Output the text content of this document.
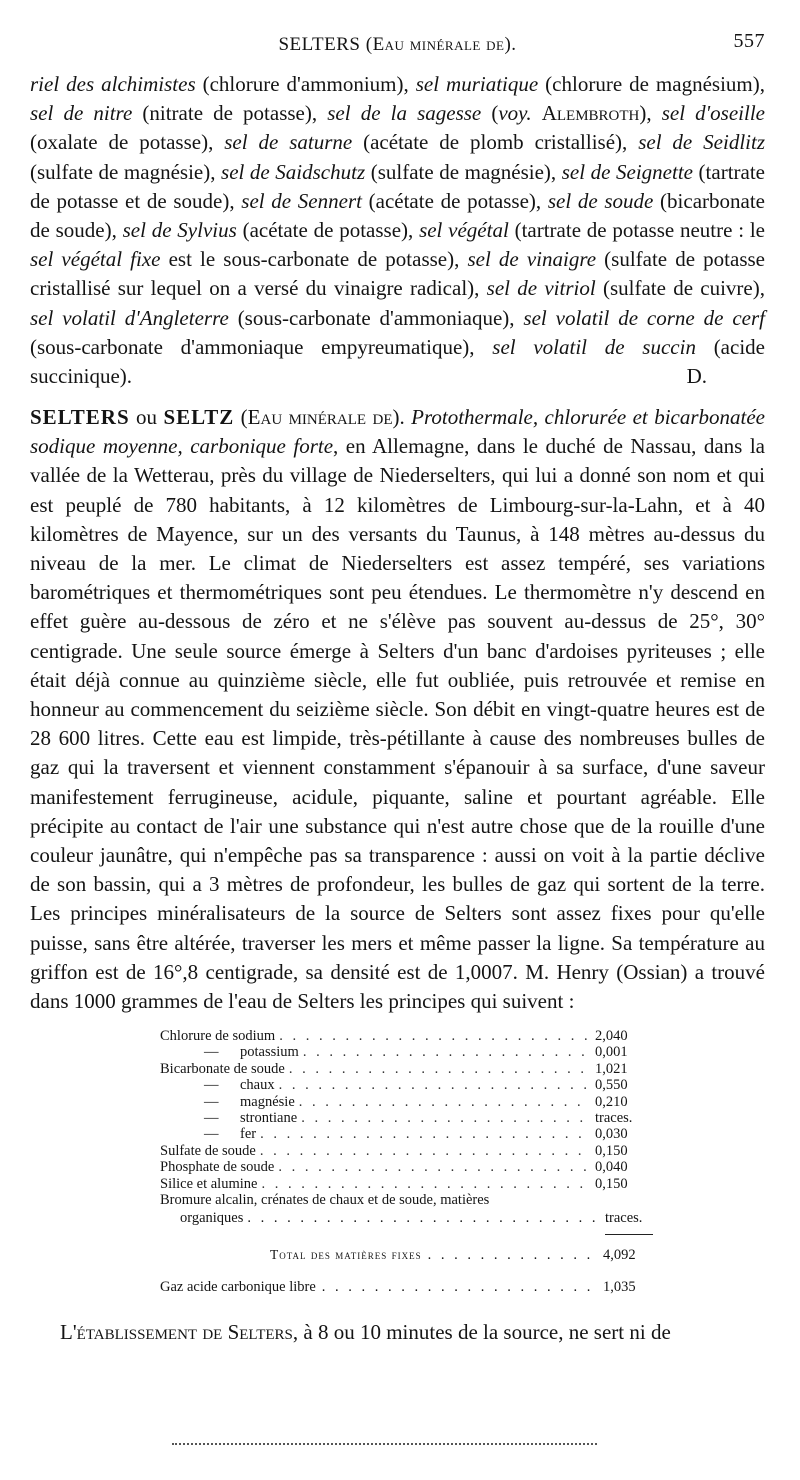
SELTERS (Eau minérale de).	557

riel des alchimistes (chlorure d'ammonium), sel muriatique (chlorure de magnésium), sel de nitre (nitrate de potasse), sel de la sagesse (voy. Alembroth), sel d'oseille (oxalate de potasse), sel de saturne (acétate de plomb cristallisé), sel de Seidlitz (sulfate de magnésie), sel de Saidschutz (sulfate de magnésie), sel de Seignette (tartrate de potasse et de soude), sel de Sennert (acétate de potasse), sel de soude (bicarbonate de soude), sel de Sylvius (acétate de potasse), sel végétal (tartrate de potasse neutre : le sel végétal fixe est le sous-carbonate de potasse), sel de vinaigre (sulfate de potasse cristallisé sur lequel on a versé du vinaigre radical), sel de vitriol (sulfate de cuivre), sel volatil d'Angleterre (sous-carbonate d'ammoniaque), sel volatil de corne de cerf (sous-carbonate d'ammoniaque empyreumatique), sel volatil de succin (acide succinique).	D.

SELTERS ou SELTZ (Eau minérale de). Protothermale, chlorurée et bicarbonatée sodique moyenne, carbonique forte, en Allemagne, dans le duché de Nassau, dans la vallée de la Wetterau, près du village de Niederselters, qui lui a donné son nom et qui est peuplé de 780 habitants, à 12 kilomètres de Limbourg-sur-la-Lahn, et à 40 kilomètres de Mayence, sur un des versants du Taunus, à 148 mètres au-dessus du niveau de la mer. Le climat de Niederselters est assez tempéré, ses variations barométriques et thermométriques sont peu étendues. Le thermomètre n'y descend en effet guère au-dessous de zéro et ne s'élève pas souvent au-dessus de 25°, 30° centigrade. Une seule source émerge à Selters d'un banc d'ardoises pyriteuses ; elle était déjà connue au quinzième siècle, elle fut oubliée, puis retrouvée et remise en honneur au commencement du seizième siècle. Son débit en vingt-quatre heures est de 28 600 litres. Cette eau est limpide, très-pétillante à cause des nombreuses bulles de gaz qui la traversent et viennent constamment s'épanouir à sa surface, d'une saveur manifestement ferrugineuse, acidule, piquante, saline et pourtant agréable. Elle précipite au contact de l'air une substance qui n'est autre chose que de la rouille d'une couleur jaunâtre, qui n'empêche pas sa transparence : aussi on voit à la partie déclive de son bassin, qui a 3 mètres de profondeur, les bulles de gaz qui sortent de la terre. Les principes minéralisateurs de la source de Selters sont assez fixes pour qu'elle puisse, sans être altérée, traverser les mers et même passer la ligne. Sa température au griffon est de 16°,8 centigrade, sa densité est de 1,0007. M. Henry (Ossian) a trouvé dans 1000 grammes de l'eau de Selters les principes qui suivent :

Chlorure de sodium . . .	2,040
—	potassium . . .	0,001
Bicarbonate de soude . . .	1,021
—	chaux . . .	0,550
—	magnésie . . .	0,210
—	strontiane . . .	traces.
—	fer . . .	0,030
Sulfate de soude . . .	0,150
Phosphate de soude . . .	0,040
Silice et alumine . . .	0,150
Bromure alcalin, crénates de chaux et de soude, matières
organiques . . .	traces.
Total des matières fixes . . .	4,092
Gaz acide carbonique libre . . .	1,035
L'établissement de Selters, à 8 ou 10 minutes de la source, ne sert ni de
